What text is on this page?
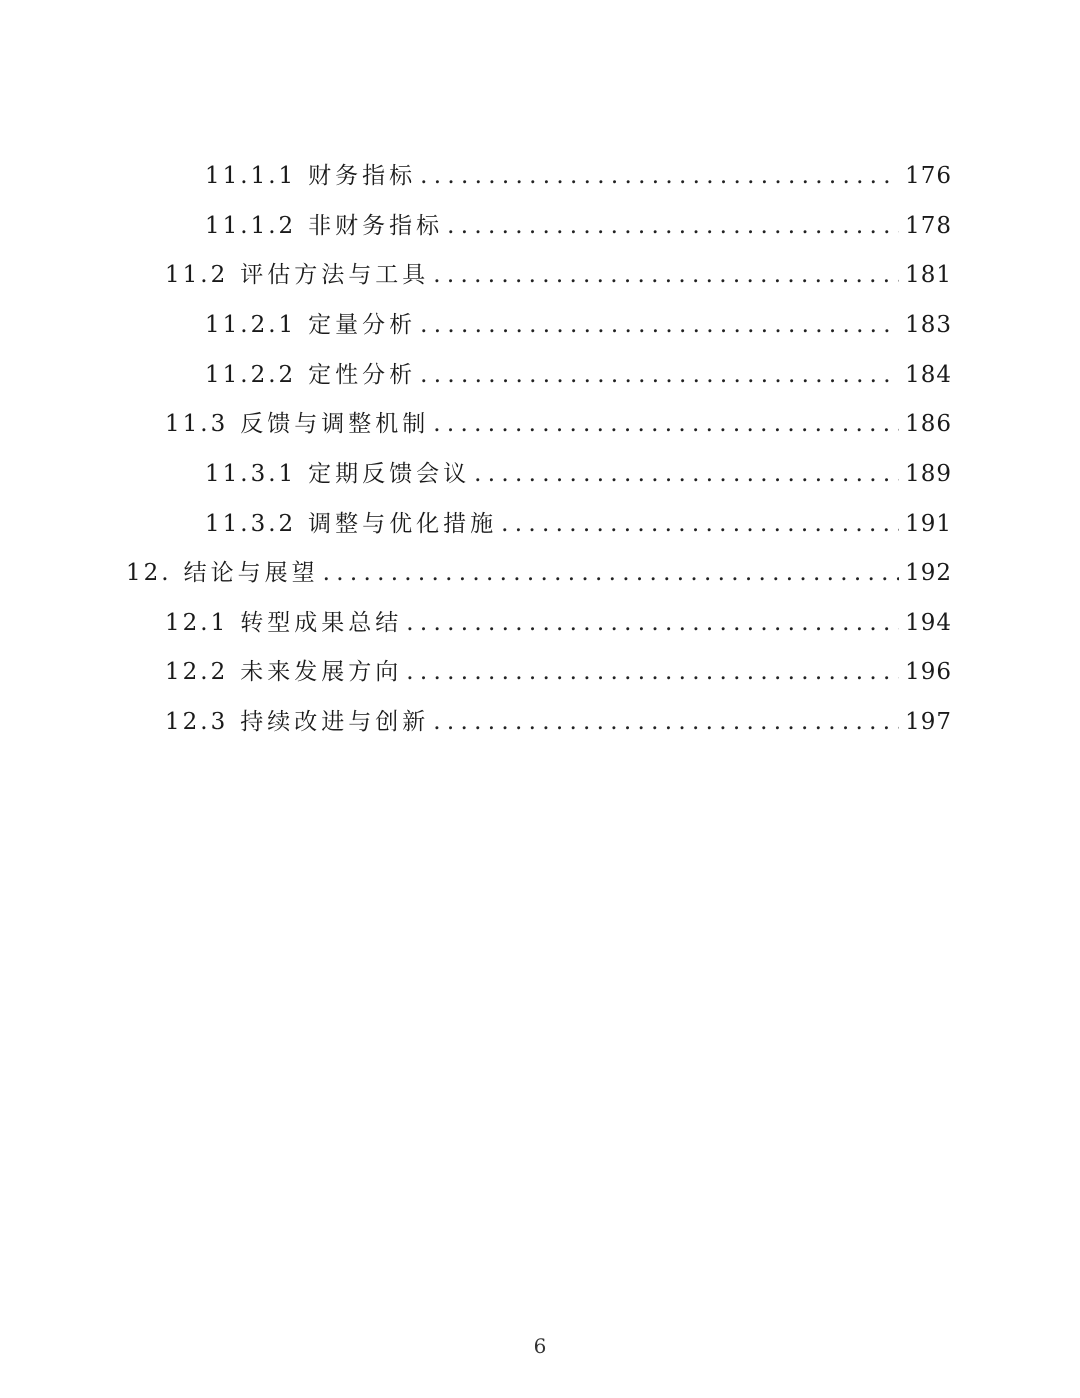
11.1.1 财务指标 . . .	176
11.1.2 非财务指标 . . .	178
11.2 评估方法与工具 . . .	181
11.2.1 定量分析 . . .	183
11.2.2 定性分析 . . .	184
11.3 反馈与调整机制 . . .	186
11.3.1 定期反馈会议 . . .	189
11.3.2 调整与优化措施 . . .	191
12. 结论与展望 . . .	192
12.1 转型成果总结 . . .	194
12.2 未来发展方向 . . .	196
12.3 持续改进与创新 . . .	197
6
